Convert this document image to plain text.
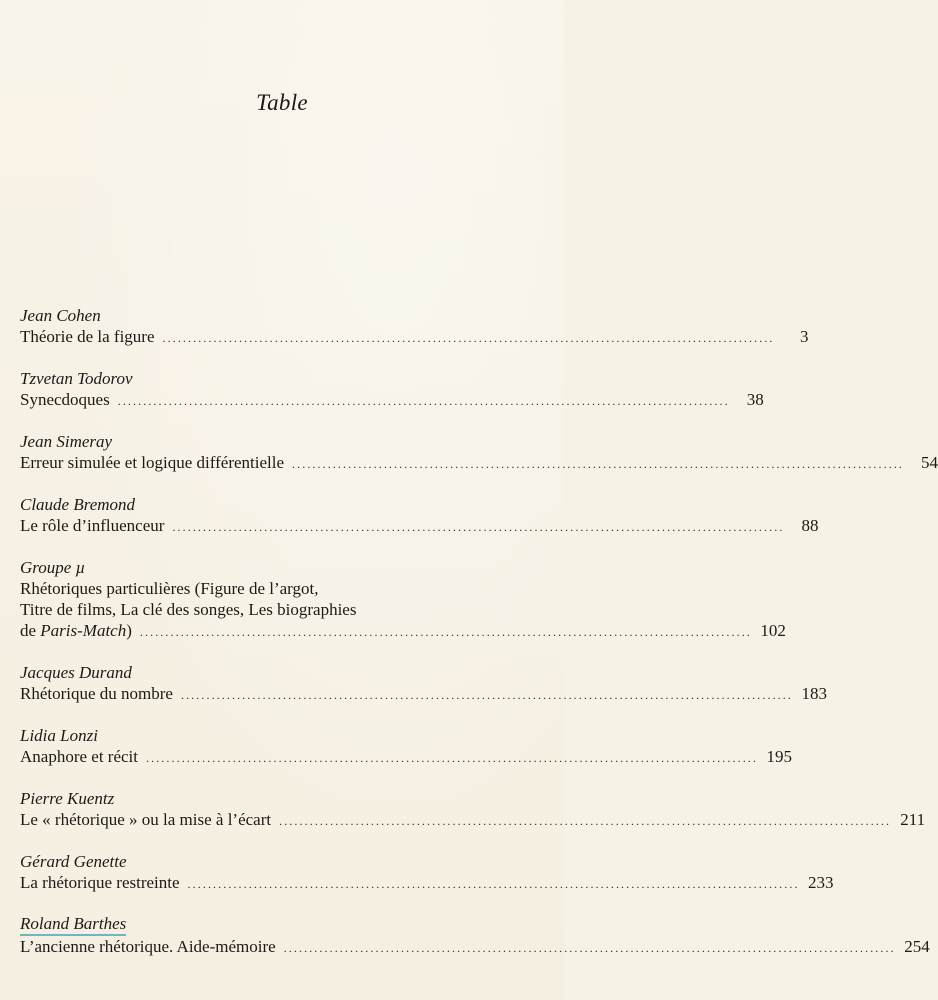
Table
Jean Cohen
Théorie de la figure ........................................................................................................................	3
Tzvetan Todorov
Synecdoques ........................................................................................................................	38
Jean Simeray
Erreur simulée et logique différentielle ........................................................................................................................	54
Claude Bremond
Le rôle d’influenceur ........................................................................................................................	88
Groupe µ
Rhétoriques particulières (Figure de l’argot,
Titre de films, La clé des songes, Les biographies
de Paris-Match) ........................................................................................................................ 102
Jacques Durand
Rhétorique du nombre ........................................................................................................................ 183
Lidia Lonzi
Anaphore et récit ........................................................................................................................ 195
Pierre Kuentz
Le « rhétorique » ou la mise à l’écart ........................................................................................................................ 211
Gérard Genette
La rhétorique restreinte ........................................................................................................................ 233
Roland Barthes
L’ancienne rhétorique. Aide-mémoire ........................................................................................................................ 254
